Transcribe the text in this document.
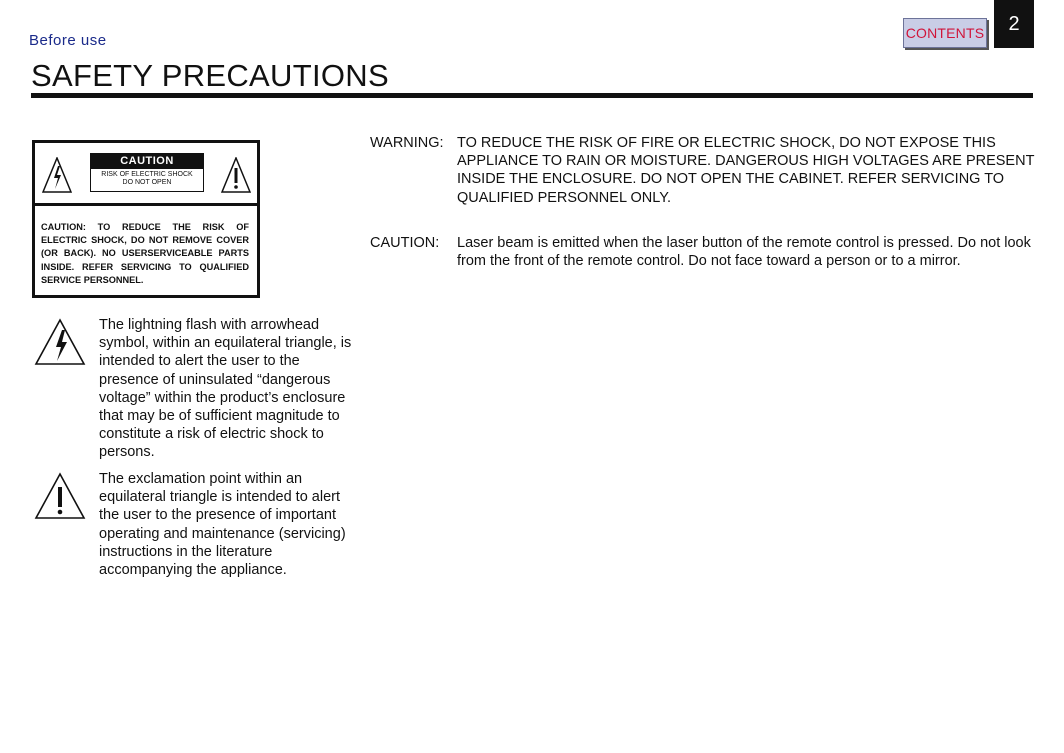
Before use
SAFETY PRECAUTIONS
CONTENTS	2
CAUTION
RISK OF ELECTRIC SHOCK
DO NOT OPEN
CAUTION: TO REDUCE THE RISK OF ELECTRIC SHOCK, DO NOT REMOVE COVER (OR BACK). NO USERSERVICEABLE PARTS INSIDE. REFER SERVICING TO QUALIFIED SERVICE PERSONNEL.
The lightning flash with arrowhead symbol, within an equilateral triangle, is intended to alert the user to the presence of uninsulated “dangerous voltage” within the product’s enclosure that may be of sufficient magnitude to constitute a risk of electric shock to persons.
The exclamation point within an equilateral triangle is intended to alert the user to the presence of important operating and maintenance (servicing) instructions in the literature accompanying the appliance.
WARNING: TO REDUCE THE RISK OF FIRE OR ELECTRIC SHOCK, DO NOT EXPOSE THIS APPLIANCE TO RAIN OR MOISTURE. DANGEROUS HIGH VOLTAGES ARE PRESENT INSIDE THE ENCLOSURE. DO NOT OPEN THE CABINET. REFER SERVICING TO QUALIFIED PERSONNEL ONLY.
CAUTION: Laser beam is emitted when the laser button of the remote control is pressed. Do not look from the front of the remote control. Do not face toward a person or to a mirror.
